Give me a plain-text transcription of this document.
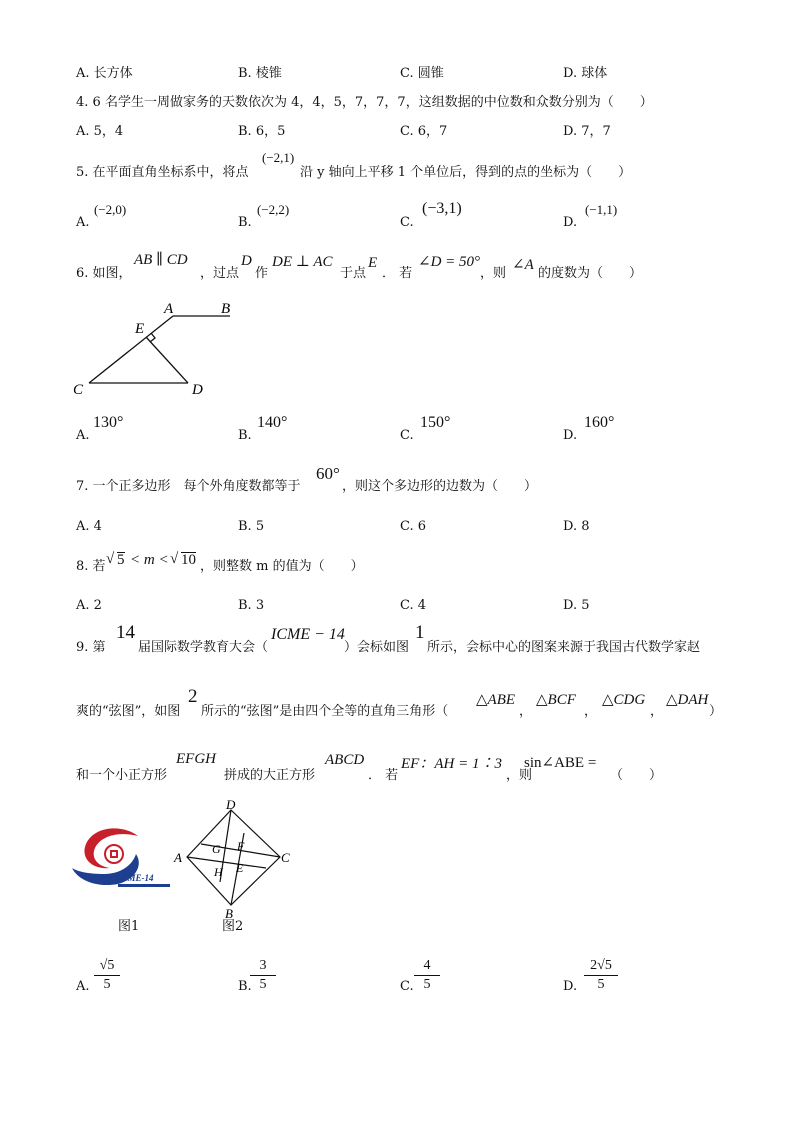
A. 长方体	B. 棱锥	C. 圆锥	D. 球体
4. 6 名学生一周做家务的天数依次为 4，4，5，7，7，7，这组数据的中位数和众数分别为（　　）
A. 5，4	B. 6，5	C. 6，7	D. 7，7
5. 在平面直角坐标系中，将点
(−2,1)
沿 y 轴向上平移 1 个单位后，得到的点的坐标为（　　）
A.
(−2,0)
B.
(−2,2)
C.
(−3,1)
D.
(−1,1)
6. 如图，
AB ∥ CD
，过点
D
作
DE ⊥ AC
于点
E
． 若
∠D = 50°
，则
∠A
的度数为（　　）
A	B
E
C	D
A.
130°
B.
140°
C.
150°
D.
160°
7. 一个正多边形　每个外角度数都等于
60°
，则这个多边形的边数为（　　）
A. 4	B. 5	C. 6	D. 8
8. 若 √ 5 < m < √ 10 ，则整数 m 的值为（　　）
A. 2	B. 3	C. 4	D. 5
9. 第
14
届国际数学教育大会（
ICME − 14
）会标如图
1
所示，会标中心的图案来源于我国古代数学家赵
爽的“弦图”，如图
2
所示的“弦图”是由四个全等的直角三角形（
△ABE
，
△BCF
，
△CDG
，
△DAH
）
和一个小正方形
EFGH
拼成的大正方形
ABCD
． 若
EF：AH = 1∶3
，则
sin∠ABE =
（　　）
ICME-14
图1
D
A	C
B
G F
H E
图2
A. $\frac{√5}{5}$	B.
$\frac{3}{5}$	C. $\frac{4}{5}$	D. $\frac{2√5}{5}$
